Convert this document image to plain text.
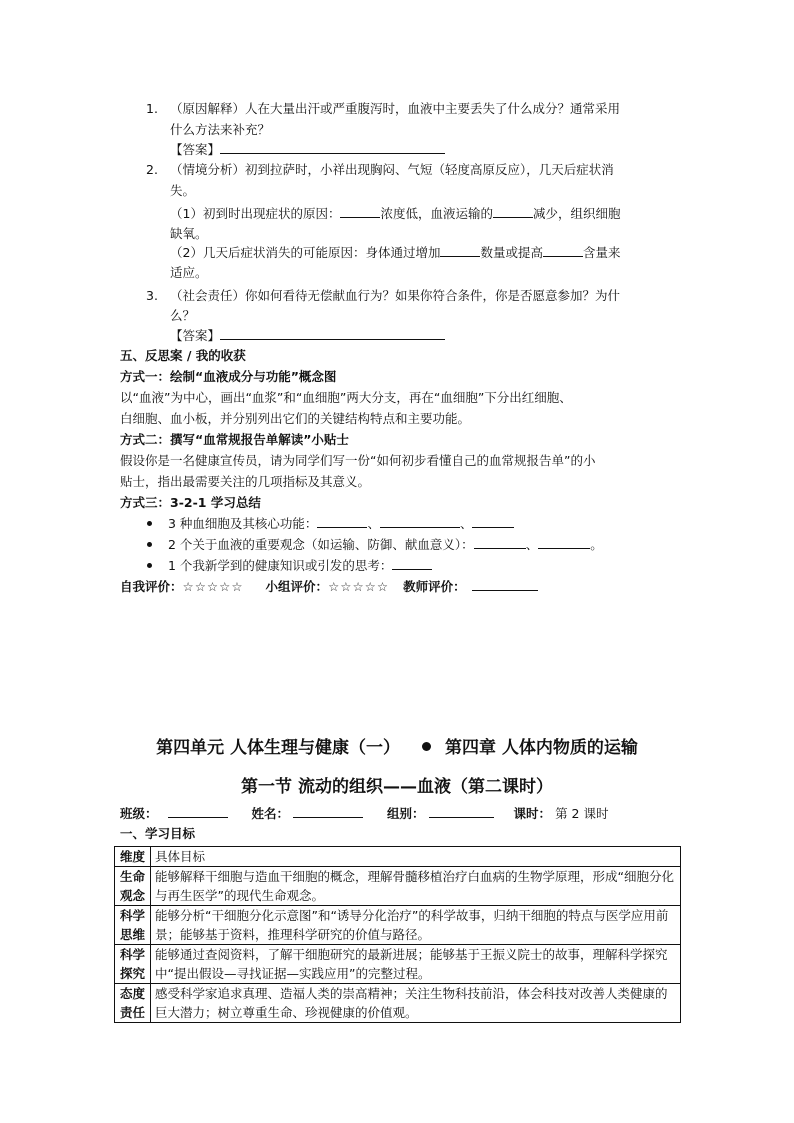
1. （原因解释）人在大量出汗或严重腹泻时，血液中主要丢失了什么成分？通常采用
什么方法来补充？
【答案】
2. （情境分析）初到拉萨时，小祥出现胸闷、气短（轻度高原反应），几天后症状消
失。
（1）初到时出现症状的原因：	浓度低，血液运输的	减少，组织细胞
缺氧。
（2）几天后症状消失的可能原因：身体通过增加	数量或提高	含量来
适应。
3. （社会责任）你如何看待无偿献血行为？如果你符合条件，你是否愿意参加？为什
么？
【答案】
五、反思案 / 我的收获
方式一：绘制“血液成分与功能”概念图
以“血液”为中心，画出“血浆”和“血细胞”两大分支，再在“血细胞”下分出红细胞、
白细胞、血小板，并分别列出它们的关键结构特点和主要功能。
方式二：撰写“血常规报告单解读”小贴士
假设你是一名健康宣传员，请为同学们写一份“如何初步看懂自己的血常规报告单”的小
贴士，指出最需要关注的几项指标及其意义。
方式三：3-2-1 学习总结
3 种血细胞及其核心功能：	、	、
2 个关于血液的重要观念（如运输、防御、献血意义）：	、	。
1 个我新学到的健康知识或引发的思考：
自我评价：☆☆☆☆☆ 小组评价：☆☆☆☆☆ 教师评价：
第四单元 人体生理与健康（一）	第四章 人体内物质的运输
第一节 流动的组织——血液（第二课时）
班级：	姓名：	组别：	课时： 第 2 课时
一、学习目标
维度	具体目标
生命观念	能够解释干细胞与造血干细胞的概念，理解骨髓移植治疗白血病的生物学原理，形成“细胞分化与再生医学”的现代生命观念。
科学思维	能够分析“干细胞分化示意图”和“诱导分化治疗”的科学故事，归纳干细胞的特点与医学应用前景；能够基于资料，推理科学研究的价值与路径。
科学探究	能够通过查阅资料，了解干细胞研究的最新进展；能够基于王振义院士的故事，理解科学探究中“提出假设—寻找证据—实践应用”的完整过程。
态度责任	感受科学家追求真理、造福人类的崇高精神；关注生物科技前沿，体会科技对改善人类健康的巨大潜力；树立尊重生命、珍视健康的价值观。
